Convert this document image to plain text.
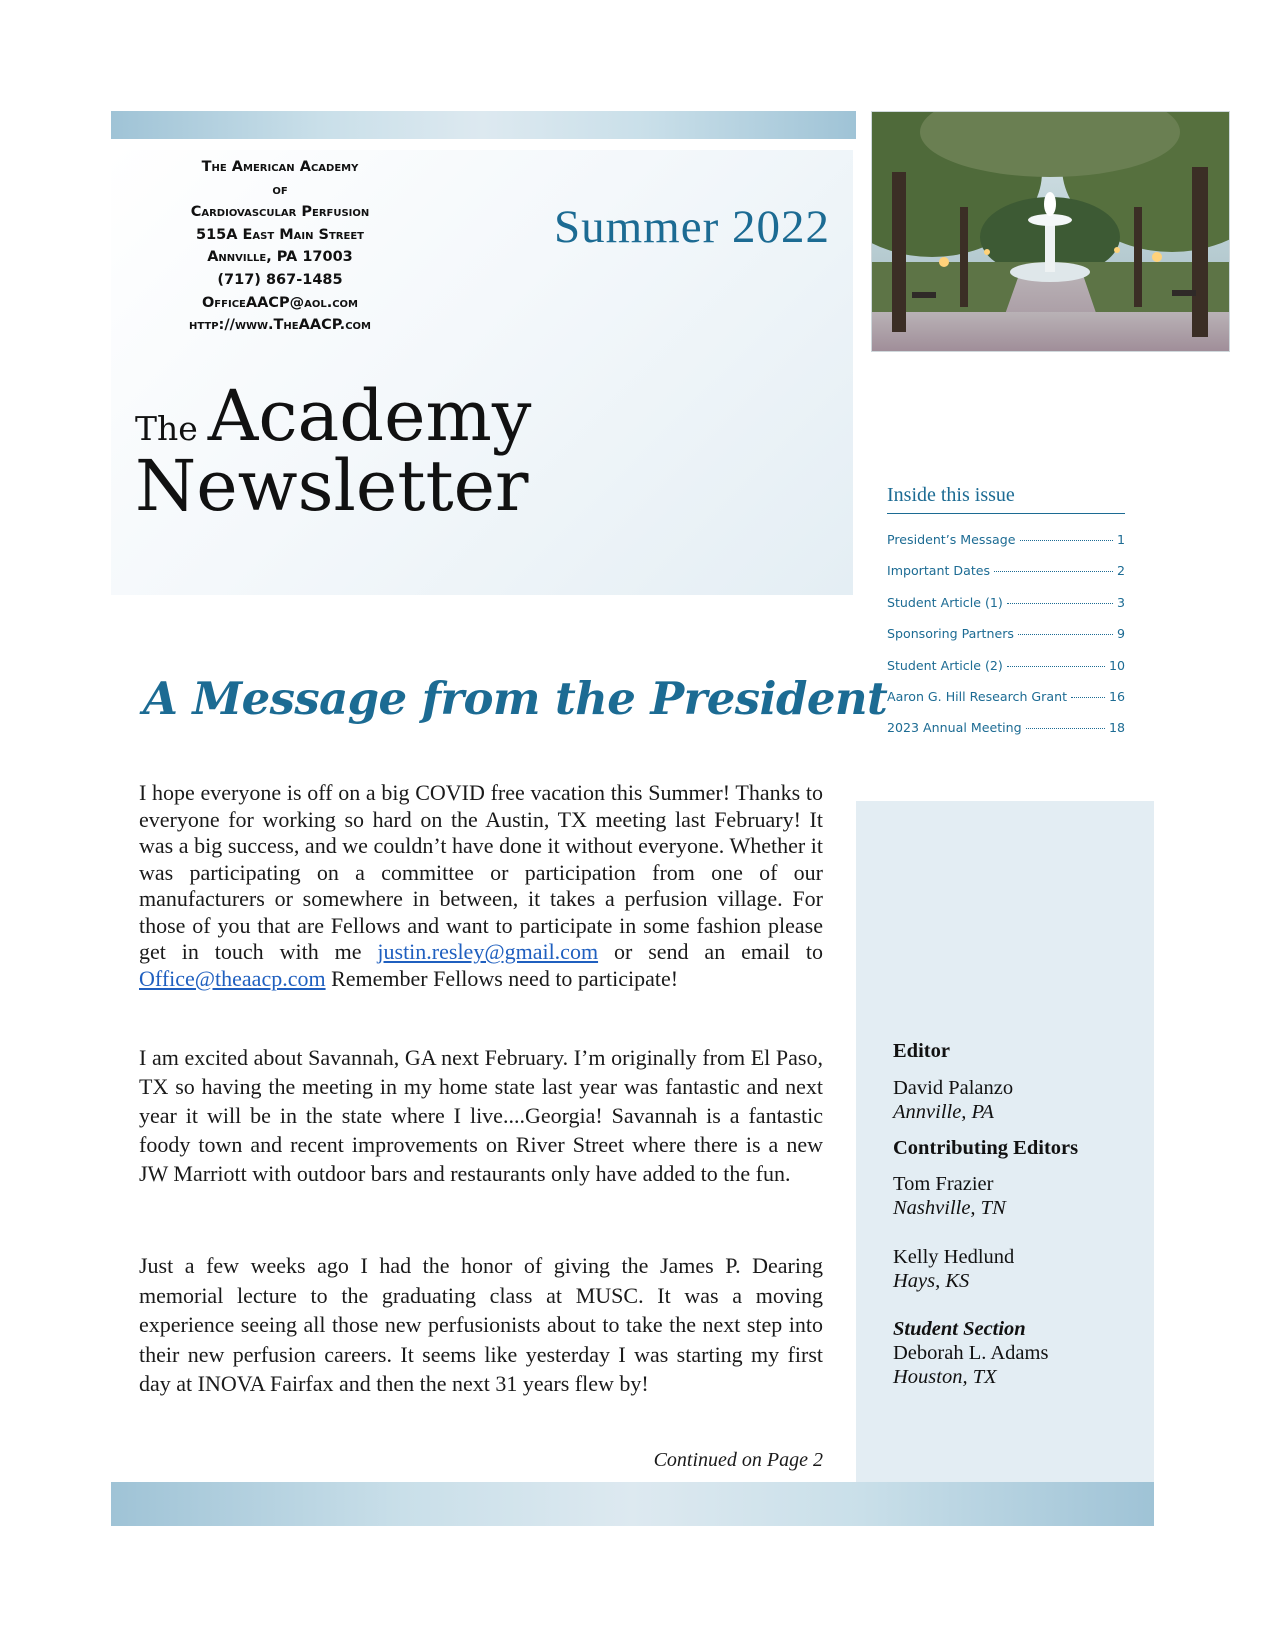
The American Academy
of
Cardiovascular Perfusion
515A East Main Street
Annville, PA 17003
(717) 867-1485
OfficeAACP@aol.com
http://www.TheAACP.com
Summer 2022
The Academy
Newsletter
A Message from the President
I hope everyone is off on a big COVID free vacation this Summer! Thanks to everyone for working so hard on the Austin, TX meeting last February! It was a big success, and we couldn’t have done it without everyone. Whether it was participating on a committee or participation from one of our manufacturers or somewhere in between, it takes a perfusion village. For those of you that are Fellows and want to participate in some fashion please get in touch with me justin.resley@gmail.com or send an email to Office@theaacp.com Remember Fellows need to participate!
I am excited about Savannah, GA next February. I’m originally from El Paso, TX so having the meeting in my home state last year was fantastic and next year it will be in the state where I live....Georgia! Savannah is a fantastic foody town and recent improvements on River Street where there is a new JW Marriott with outdoor bars and restaurants only have added to the fun.
Just a few weeks ago I had the honor of giving the James P. Dearing memorial lecture to the graduating class at MUSC. It was a moving experience seeing all those new perfusionists about to take the next step into their new perfusion careers. It seems like yesterday I was starting my first day at INOVA Fairfax and then the next 31 years flew by!
Continued on Page 2
Inside this issue
President’s Message	1
Important Dates	2
Student Article (1)	3
Sponsoring Partners	9
Student Article (2)	10
Aaron G. Hill Research Grant	16
2023 Annual Meeting	18
Editor
David Palanzo
Annville, PA
Contributing Editors
Tom Frazier
Nashville, TN
Kelly Hedlund
Hays, KS
Student Section
Deborah L. Adams
Houston, TX
